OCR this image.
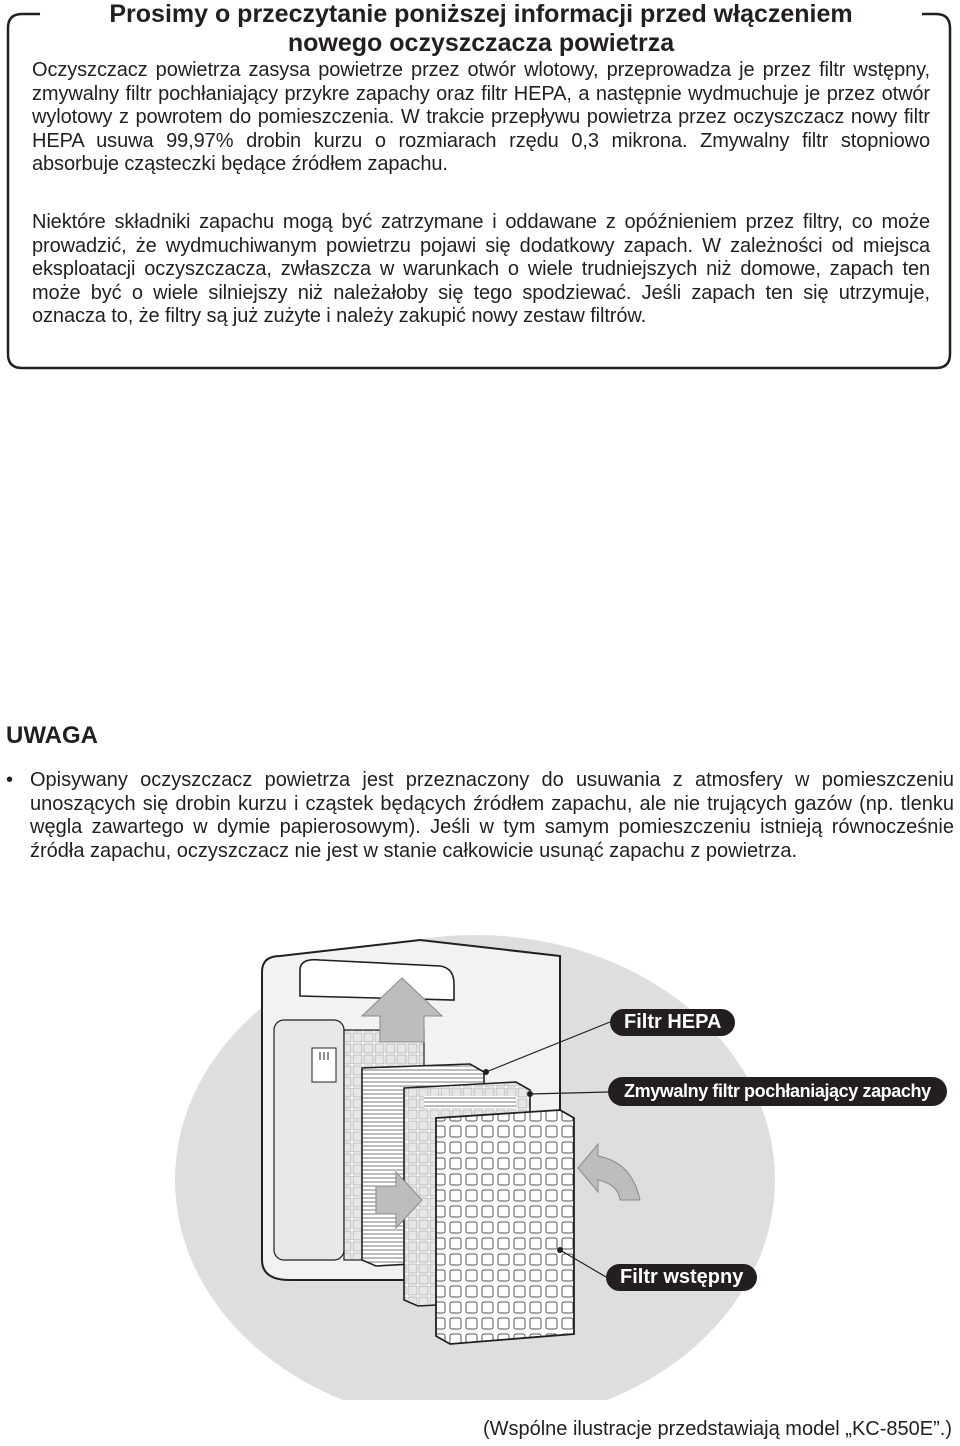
Prosimy o przeczytanie poniższej informacji przed włączeniem
nowego oczyszczacza powietrza

Oczyszczacz powietrza zasysa powietrze przez otwór wlotowy, przeprowadza je przez filtr wstępny, zmywalny filtr pochłaniający przykre zapachy oraz filtr HEPA, a następnie wydmuchuje je przez otwór wylotowy z powrotem do pomieszczenia. W trakcie przepływu powietrza przez oczyszczacz nowy filtr HEPA usuwa 99,97% drobin kurzu o rozmiarach rzędu 0,3 mikrona. Zmywalny filtr stopniowo absorbuje cząsteczki będące źródłem zapachu.

Niektóre składniki zapachu mogą być zatrzymane i oddawane z opóźnieniem przez filtry, co może prowadzić, że wydmuchiwanym powietrzu pojawi się dodatkowy zapach. W zależności od miejsca eksploatacji oczyszczacza, zwłaszcza w warunkach o wiele trudniejszych niż domowe, zapach ten może być o wiele silniejszy niż należałoby się tego spodziewać. Jeśli zapach ten się utrzymuje, oznacza to, że filtry są już zużyte i należy zakupić nowy zestaw filtrów.

UWAGA
• Opisywany oczyszczacz powietrza jest przeznaczony do usuwania z atmosfery w pomieszczeniu unoszących się drobin kurzu i cząstek będących źródłem zapachu, ale nie trujących gazów (np. tlenku węgla zawartego w dymie papierosowym). Jeśli w tym samym pomieszczeniu istnieją równocześnie źródła zapachu, oczyszczacz nie jest w stanie całkowicie usunąć zapachu z powietrza.

Filtr HEPA
Zmywalny filtr pochłaniający zapachy
Filtr wstępny

(Wspólne ilustracje przedstawiają model „KC-850E”.)
